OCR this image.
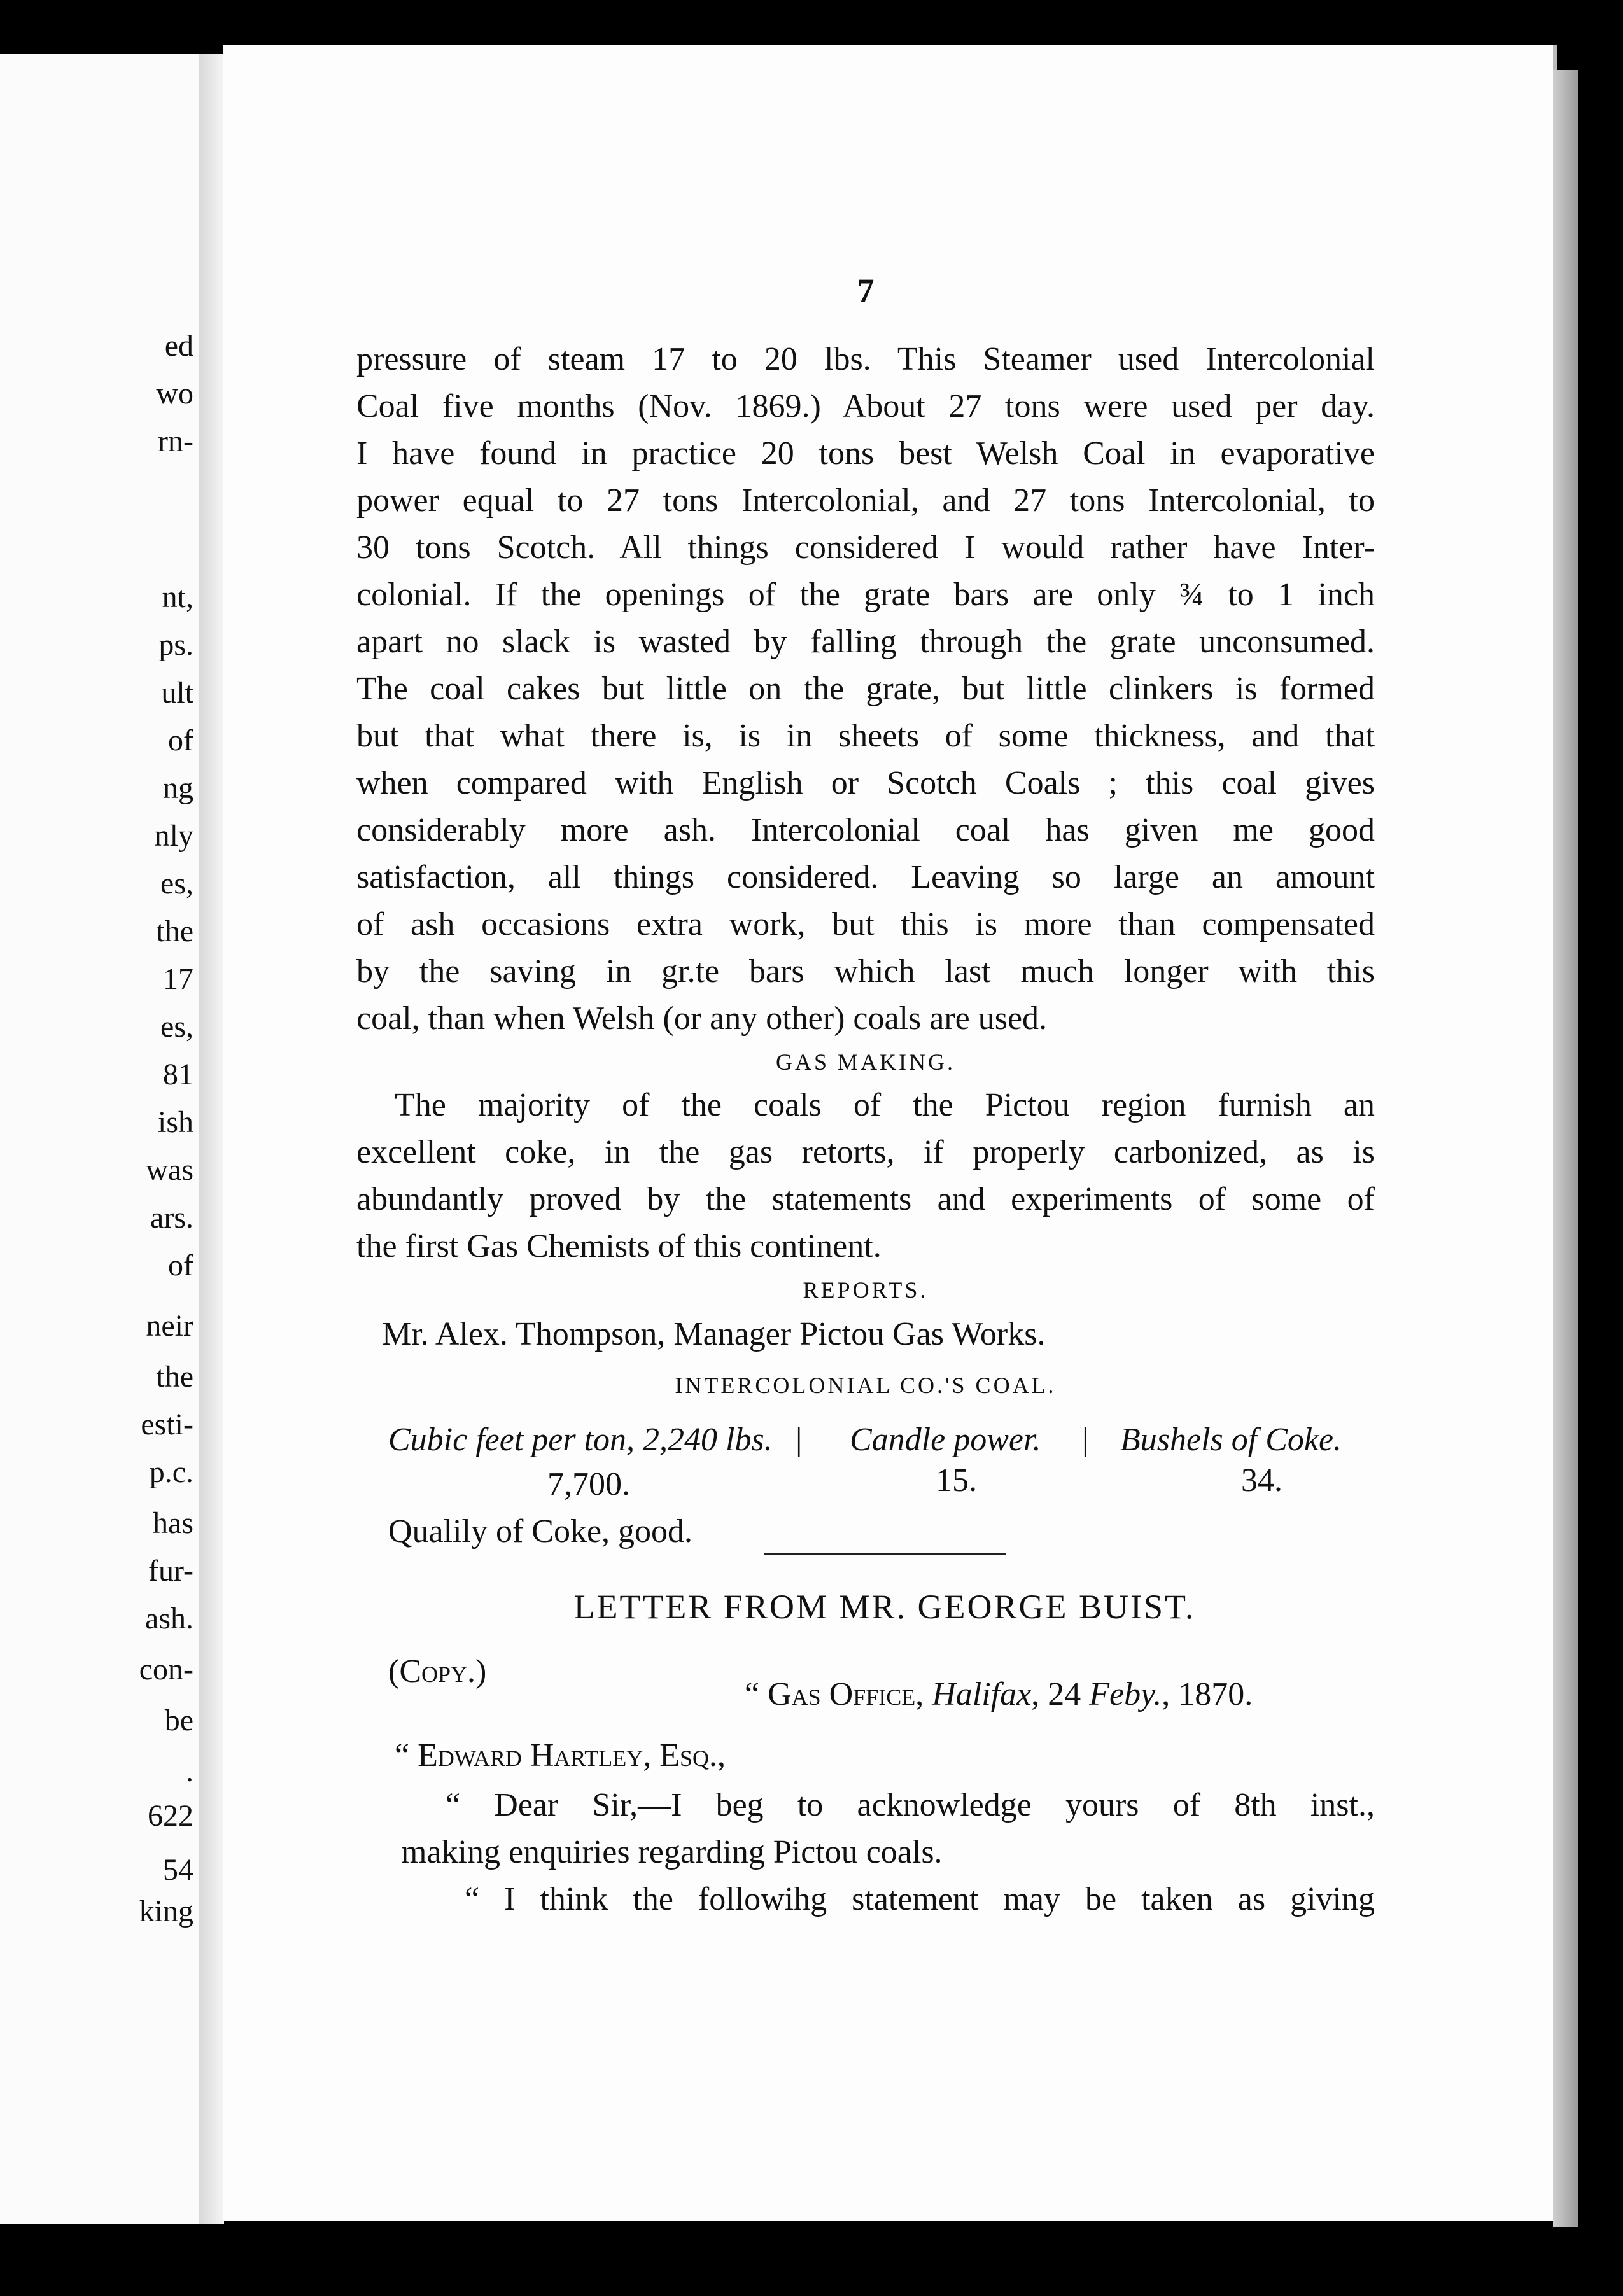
ed
wo
rn-
nt,
ps.
ult
of
ng
nly
es,
the
17
es,
81
ish
was
ars.
of
neir
the
esti-
p.c.
has
fur-
ash.
con-
be
.
622
54
king
7
pressure of steam 17 to 20 lbs. This Steamer used Intercolonial
Coal five months (Nov. 1869.) About 27 tons were used per day.
I have found in practice 20 tons best Welsh Coal in evaporative
power equal to 27 tons Intercolonial, and 27 tons Intercolonial, to
30 tons Scotch. All things considered I would rather have Inter-
colonial. If the openings of the grate bars are only ¾ to 1 inch
apart no slack is wasted by falling through the grate unconsumed.
The coal cakes but little on the grate, but little clinkers is formed
but that what there is, is in sheets of some thickness, and that
when compared with English or Scotch Coals ; this coal gives
considerably more ash. Intercolonial coal has given me good
satisfaction, all things considered. Leaving so large an amount
of ash occasions extra work, but this is more than compensated
by the saving in gr.te bars which last much longer with this
coal, than when Welsh (or any other) coals are used.
GAS MAKING.
The majority of the coals of the Pictou region furnish an
excellent coke, in the gas retorts, if properly carbonized, as is
abundantly proved by the statements and experiments of some of
the first Gas Chemists of this continent.
REPORTS.
Mr. Alex. Thompson, Manager Pictou Gas Works.
INTERCOLONIAL CO.'S COAL.
Cubic feet per ton, 2,240 lbs. | Candle power. | Bushels of Coke.
7,700.	15.	34.
Qualily of Coke, good.
LETTER FROM MR. GEORGE BUIST.
(Copy.)
“ Gas Office, Halifax, 24 Feby., 1870.
“ Edward Hartley, Esq.,
“ Dear Sir,—I beg to acknowledge yours of 8th inst.,
making enquiries regarding Pictou coals.
“ I think the followihg statement may be taken as giving
